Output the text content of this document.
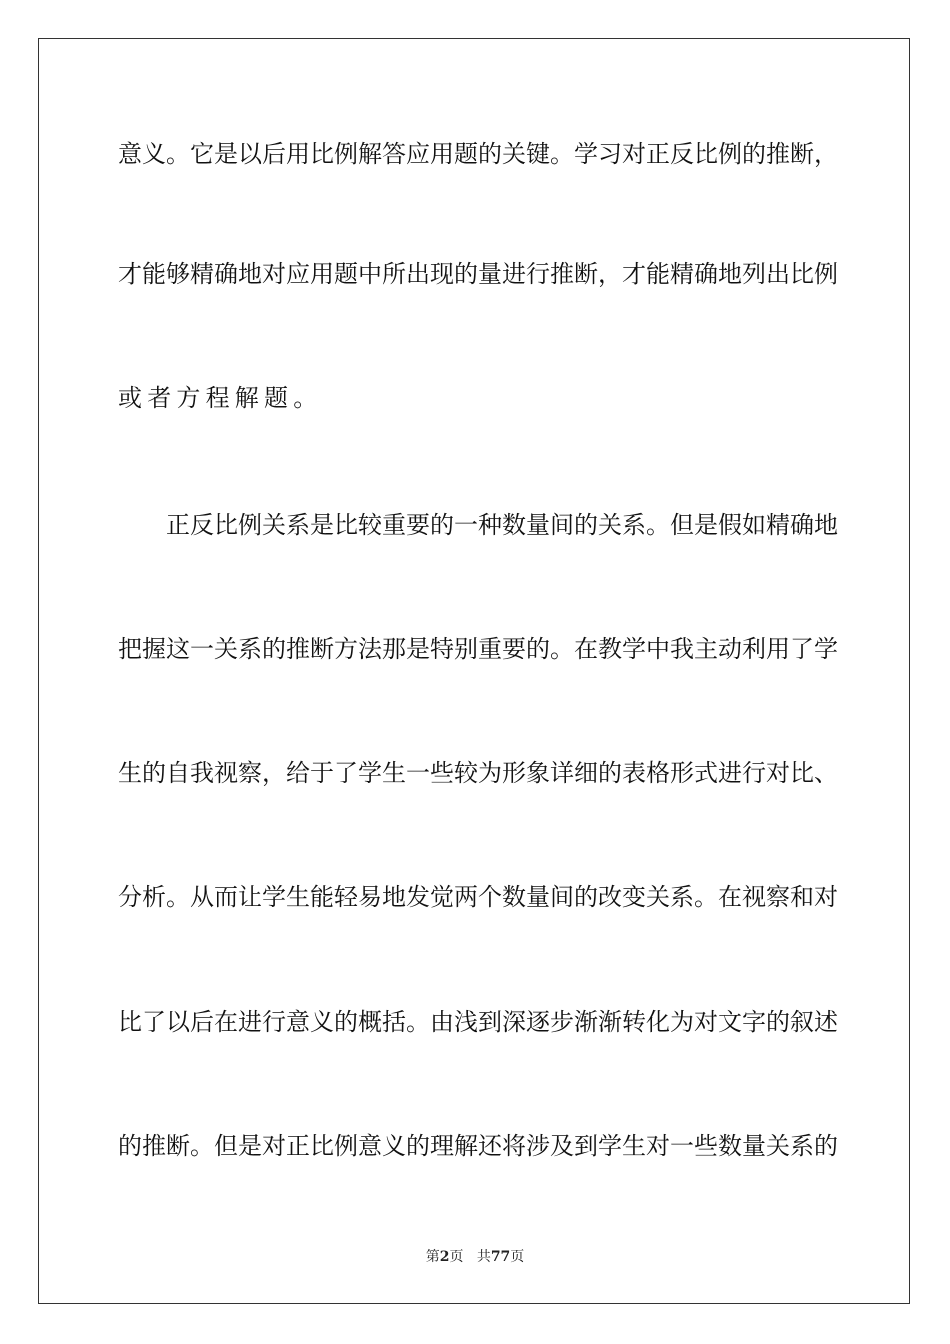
意义。它是以后用比例解答应用题的关键。学习对正反比例的推断，
才能够精确地对应用题中所出现的量进行推断，才能精确地列出比例
或者方程解题。
正反比例关系是比较重要的一种数量间的关系。但是假如精确地
把握这一关系的推断方法那是特别重要的。在教学中我主动利用了学
生的自我视察，给于了学生一些较为形象详细的表格形式进行对比、
分析。从而让学生能轻易地发觉两个数量间的改变关系。在视察和对
比了以后在进行意义的概括。由浅到深逐步渐渐转化为对文字的叙述
的推断。但是对正比例意义的理解还将涉及到学生对一些数量关系的
第2页 共77页
